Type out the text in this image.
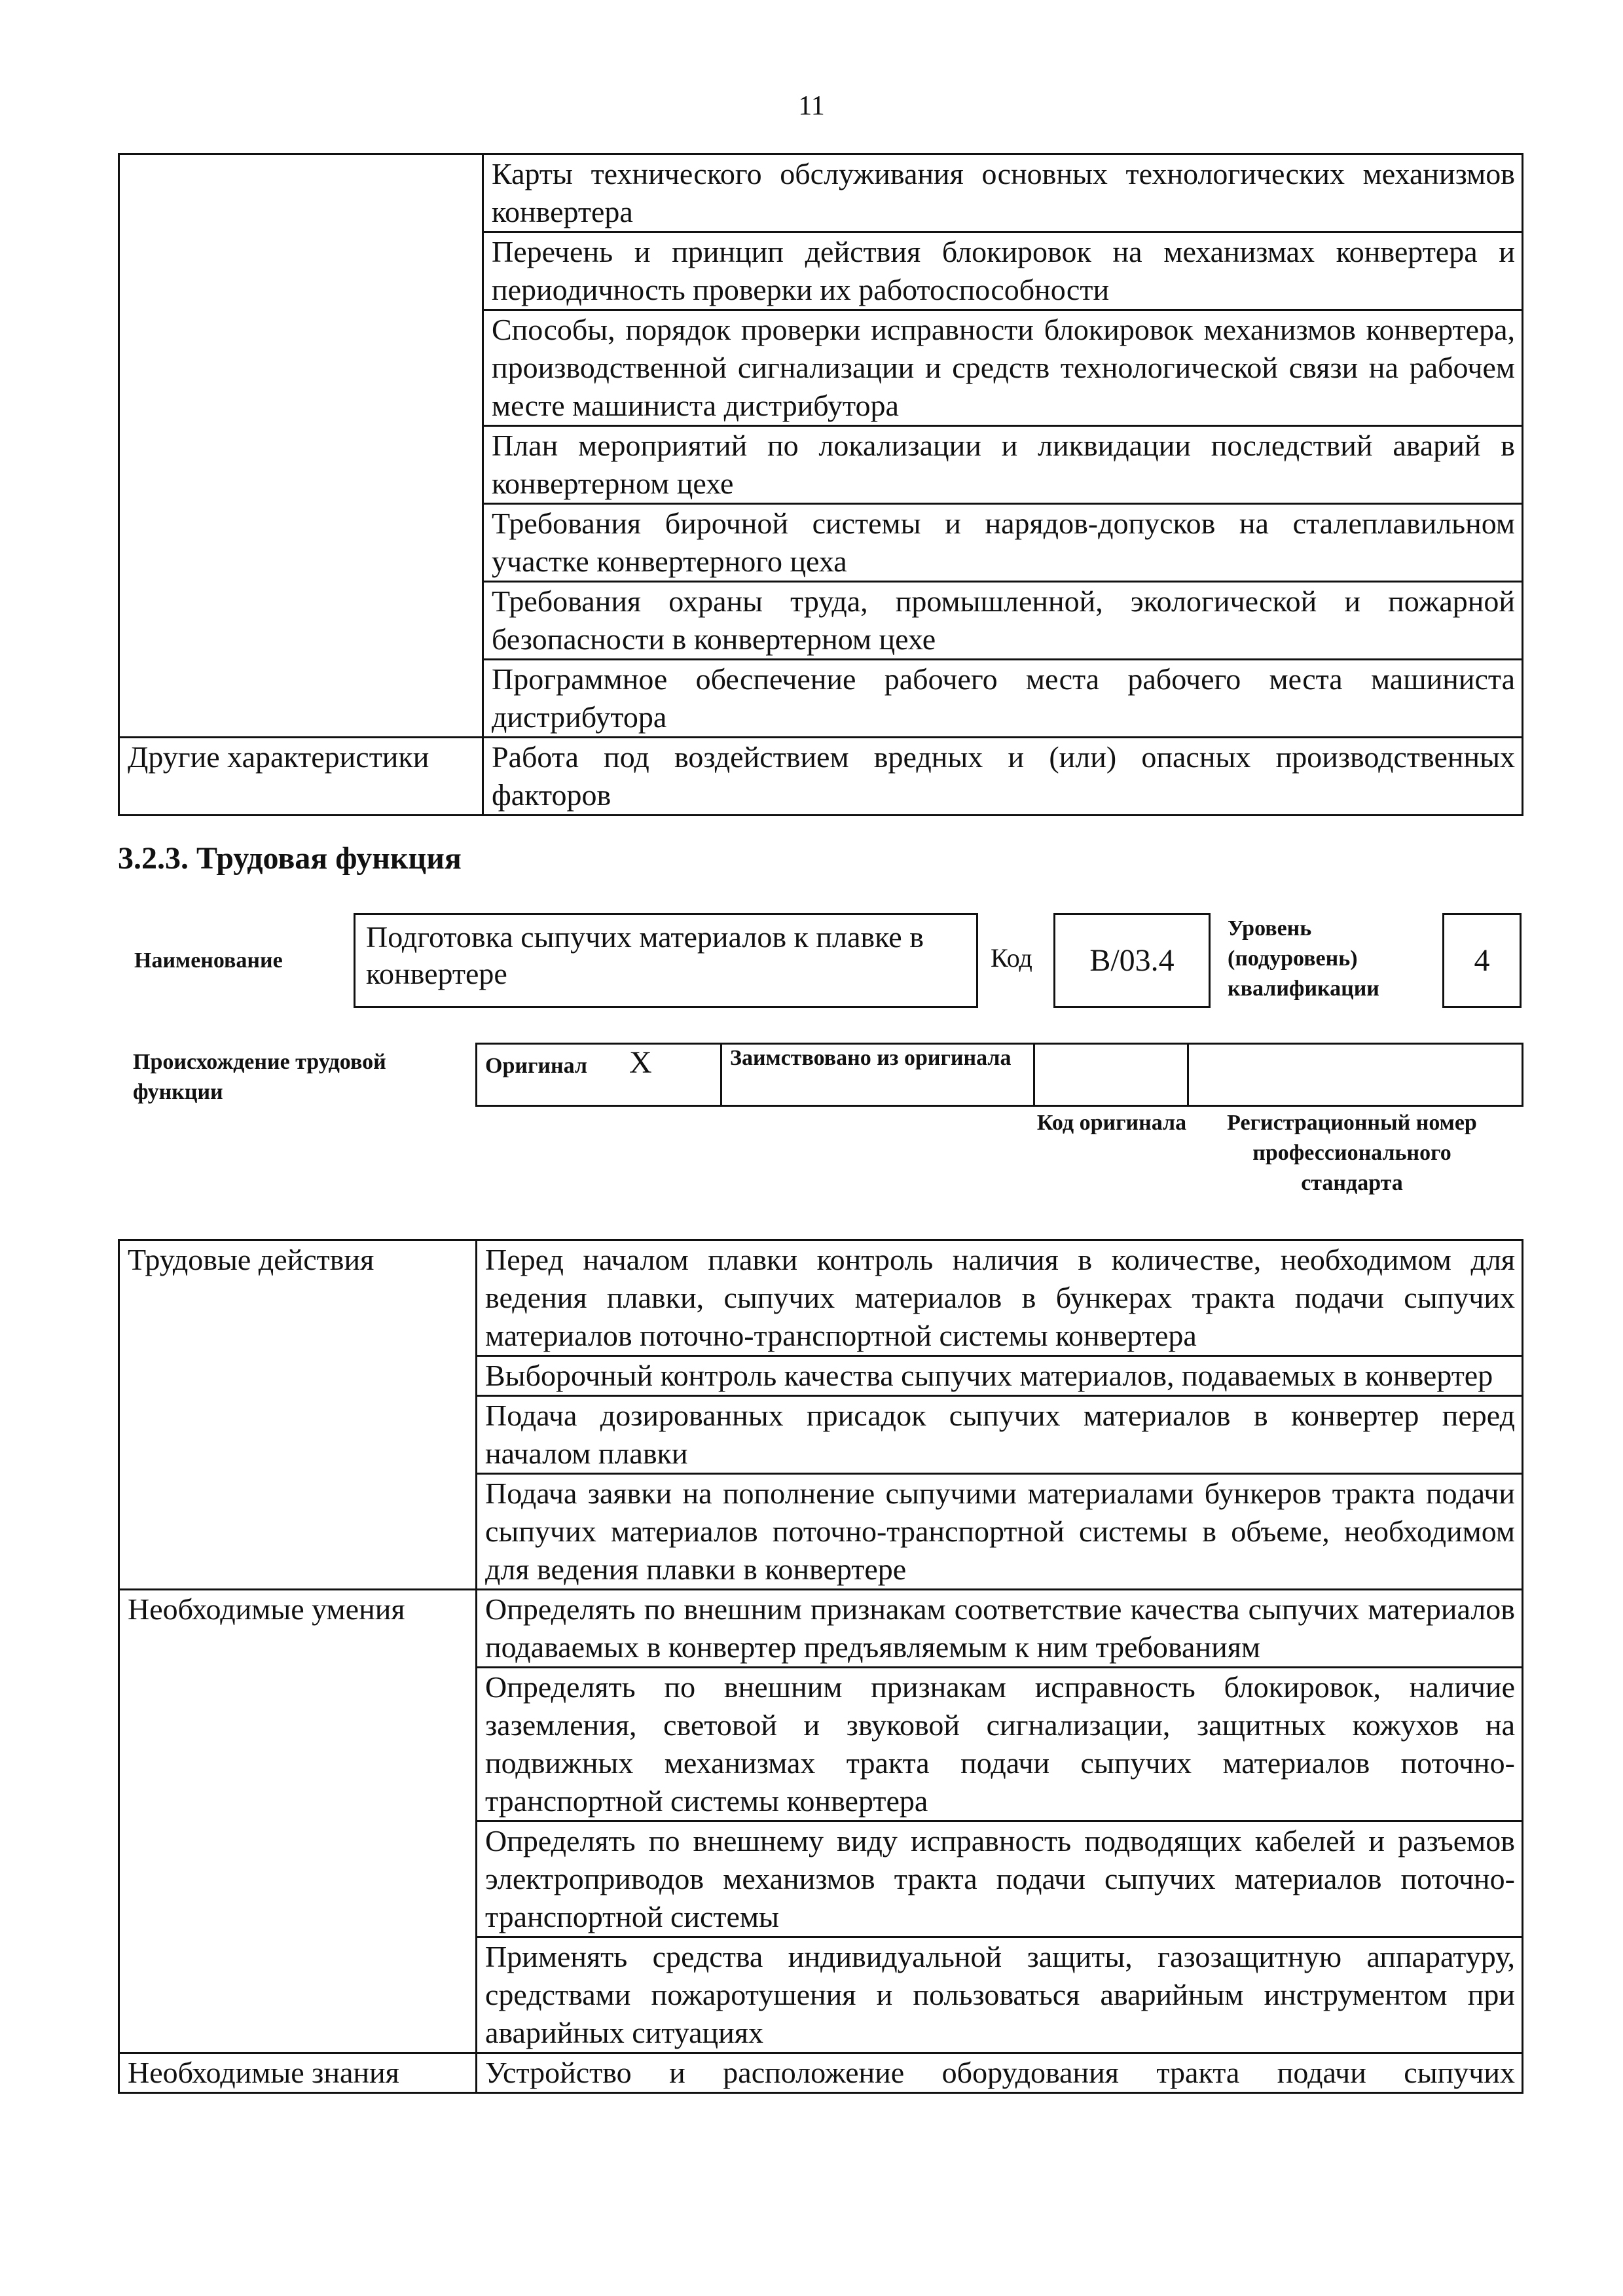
11
	Карты технического обслуживания основных технологических механизмов конвертера
	Перечень и принцип действия блокировок на механизмах конвертера и периодичность проверки их работоспособности
	Способы, порядок проверки исправности блокировок механизмов конвертера, производственной сигнализации и средств технологической связи на рабочем месте машиниста дистрибутора
	План мероприятий по локализации и ликвидации последствий аварий в конвертерном цехе
	Требования бирочной системы и нарядов-допусков на сталеплавильном участке конвертерного цеха
	Требования охраны труда, промышленной, экологической и пожарной безопасности в конвертерном цехе
	Программное обеспечение рабочего места рабочего места машиниста дистрибутора
Другие характеристики	Работа под воздействием вредных и (или) опасных производственных факторов
3.2.3. Трудовая функция
Наименование
Подготовка сыпучих материалов к плавке в конвертере	Код	В/03.4
Уровень (подуровень) квалификации
4
Происхождение трудовой функции
Оригинал Х	Заимствовано из оригинала		
Код оригинала	Регистрационный номер профессионального стандарта
Трудовые действия	Перед началом плавки контроль наличия в количестве, необходимом для ведения плавки, сыпучих материалов в бункерах тракта подачи сыпучих материалов поточно-транспортной системы конвертера
	Выборочный контроль качества сыпучих материалов, подаваемых в конвертер
	Подача дозированных присадок сыпучих материалов в конвертер перед началом плавки
	Подача заявки на пополнение сыпучими материалами бункеров тракта подачи сыпучих материалов поточно-транспортной системы в объеме, необходимом для ведения плавки в конвертере
Необходимые умения	Определять по внешним признакам соответствие качества сыпучих материалов подаваемых в конвертер предъявляемым к ним требованиям
	Определять по внешним признакам исправность блокировок, наличие заземления, световой и звуковой сигнализации, защитных кожухов на подвижных механизмах тракта подачи сыпучих материалов поточно-транспортной системы конвертера
	Определять по внешнему виду исправность подводящих кабелей и разъемов электроприводов механизмов тракта подачи сыпучих материалов поточно-транспортной системы
	Применять средства индивидуальной защиты, газозащитную аппаратуру, средствами пожаротушения и пользоваться аварийным инструментом при аварийных ситуациях
Необходимые знания	Устройство и расположение оборудования тракта подачи сыпучих
